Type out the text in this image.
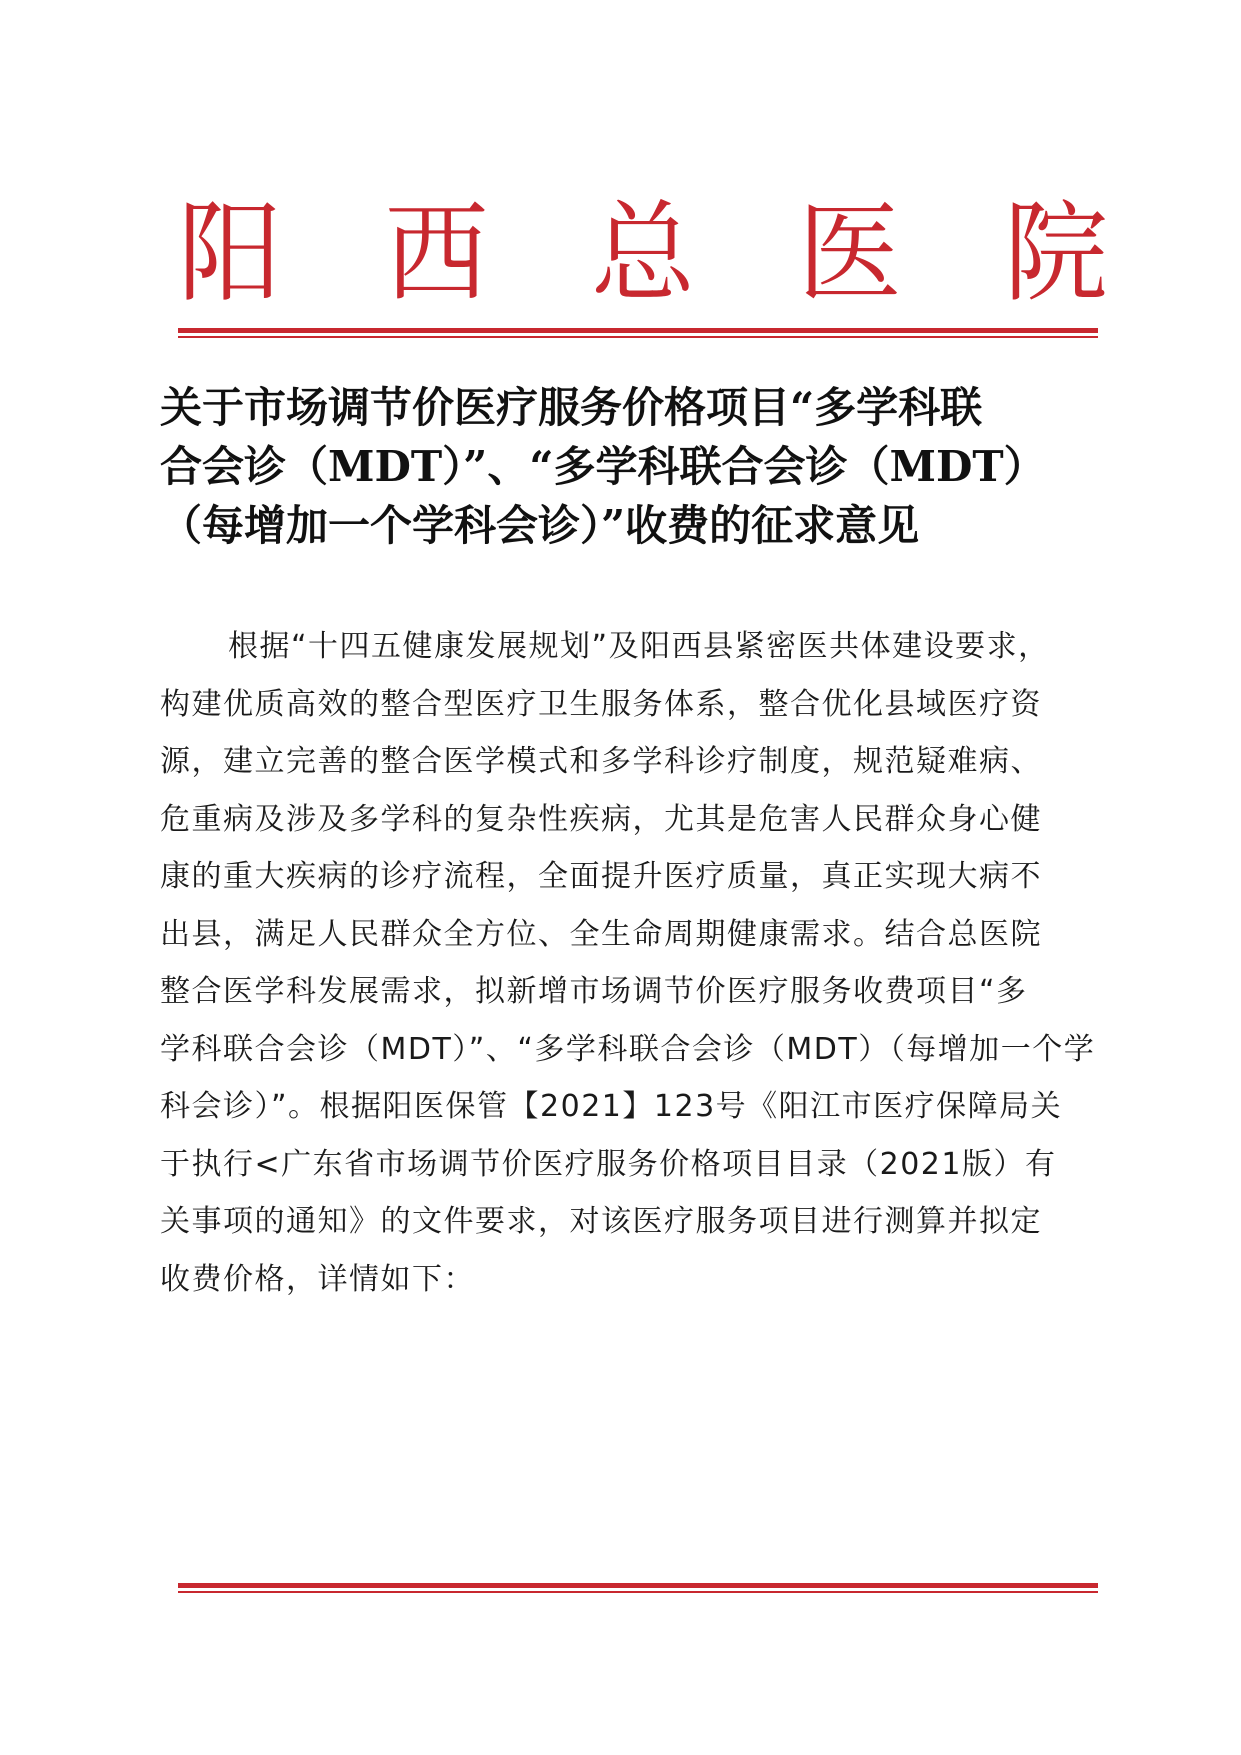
阳 西 总 医 院
关于市场调节价医疗服务价格项目“多学科联
合会诊（MDT）”、“多学科联合会诊（MDT）
（每增加一个学科会诊）”收费的征求意见
根据“十四五健康发展规划”及阳西县紧密医共体建设要求，
构建优质高效的整合型医疗卫生服务体系，整合优化县域医疗资
源，建立完善的整合医学模式和多学科诊疗制度，规范疑难病、
危重病及涉及多学科的复杂性疾病，尤其是危害人民群众身心健
康的重大疾病的诊疗流程，全面提升医疗质量，真正实现大病不
出县，满足人民群众全方位、全生命周期健康需求。结合总医院
整合医学科发展需求，拟新增市场调节价医疗服务收费项目“多
学科联合会诊（MDT）”、“多学科联合会诊（MDT）（每增加一个学
科会诊）”。根据阳医保管【2021】123号《阳江市医疗保障局关
于执行<广东省市场调节价医疗服务价格项目目录（2021版）有
关事项的通知》的文件要求，对该医疗服务项目进行测算并拟定
收费价格，详情如下：
